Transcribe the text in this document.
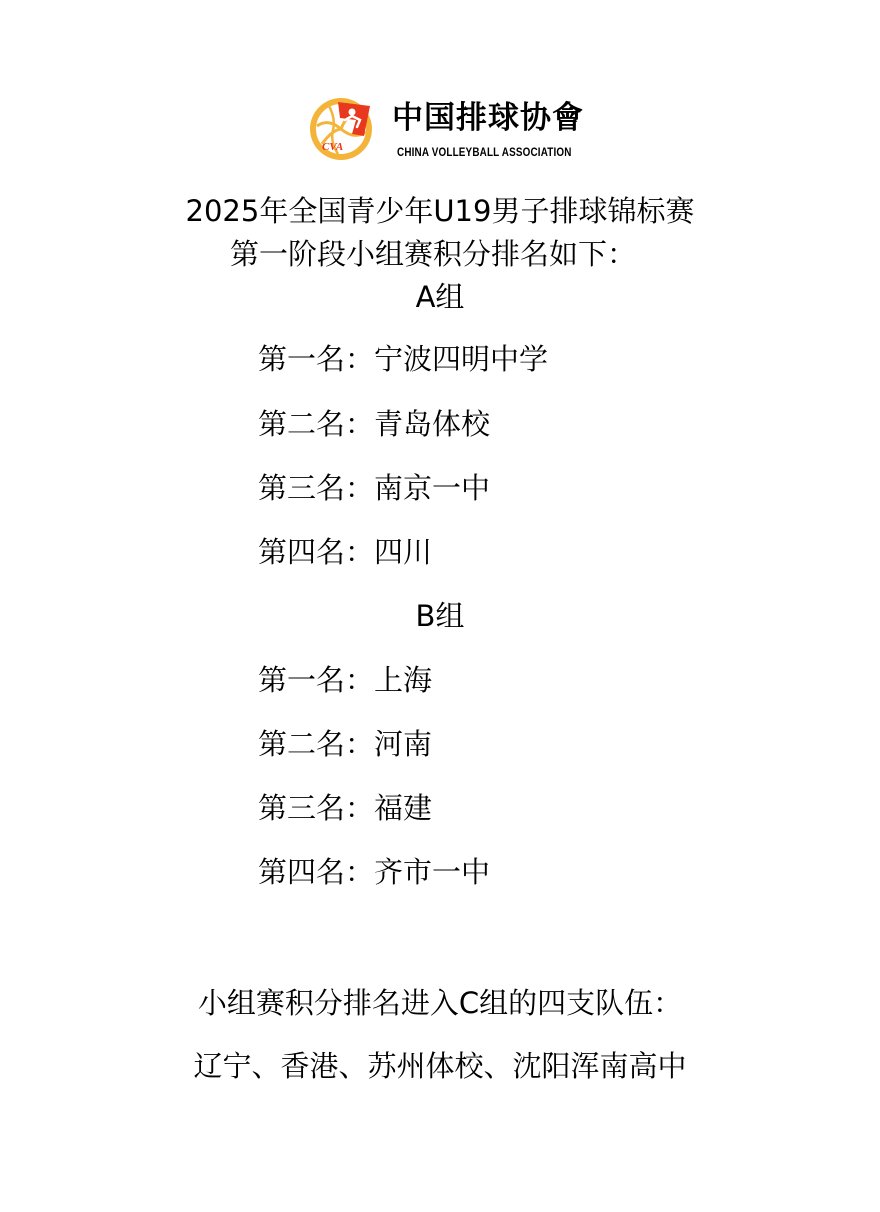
CVA
中国排球协會
CHINA VOLLEYBALL ASSOCIATION
2025年全国青少年U19男子排球锦标赛
第一阶段小组赛积分排名如下：
A组
第一名：宁波四明中学
第二名：青岛体校
第三名：南京一中
第四名：四川
B组
第一名：上海
第二名：河南
第三名：福建
第四名：齐市一中

小组赛积分排名进入C组的四支队伍：

辽宁、香港、苏州体校、沈阳浑南高中
